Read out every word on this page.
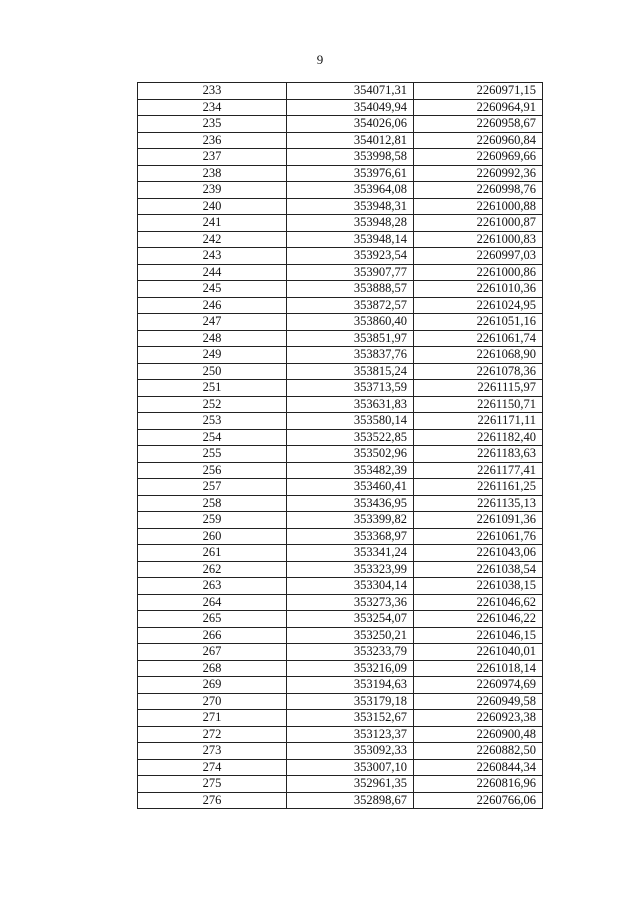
9
233	354071,31	2260971,15
234	354049,94	2260964,91
235	354026,06	2260958,67
236	354012,81	2260960,84
237	353998,58	2260969,66
238	353976,61	2260992,36
239	353964,08	2260998,76
240	353948,31	2261000,88
241	353948,28	2261000,87
242	353948,14	2261000,83
243	353923,54	2260997,03
244	353907,77	2261000,86
245	353888,57	2261010,36
246	353872,57	2261024,95
247	353860,40	2261051,16
248	353851,97	2261061,74
249	353837,76	2261068,90
250	353815,24	2261078,36
251	353713,59	2261115,97
252	353631,83	2261150,71
253	353580,14	2261171,11
254	353522,85	2261182,40
255	353502,96	2261183,63
256	353482,39	2261177,41
257	353460,41	2261161,25
258	353436,95	2261135,13
259	353399,82	2261091,36
260	353368,97	2261061,76
261	353341,24	2261043,06
262	353323,99	2261038,54
263	353304,14	2261038,15
264	353273,36	2261046,62
265	353254,07	2261046,22
266	353250,21	2261046,15
267	353233,79	2261040,01
268	353216,09	2261018,14
269	353194,63	2260974,69
270	353179,18	2260949,58
271	353152,67	2260923,38
272	353123,37	2260900,48
273	353092,33	2260882,50
274	353007,10	2260844,34
275	352961,35	2260816,96
276	352898,67	2260766,06
